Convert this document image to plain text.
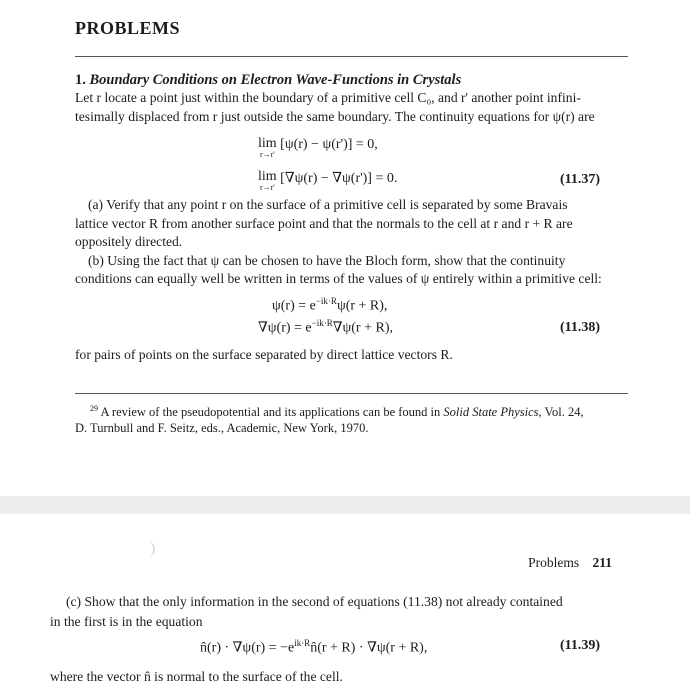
PROBLEMS
1. Boundary Conditions on Electron Wave-Functions in Crystals
Let r locate a point just within the boundary of a primitive cell C₀, and r' another point infini-
tesimally displaced from r just outside the same boundary. The continuity equations for ψ(r) are
lim
r→r'
[ψ(r) − ψ(r')] = 0,
lim
r→r'
[∇ψ(r) − ∇ψ(r')] = 0.	(11.37)
(a) Verify that any point r on the surface of a primitive cell is separated by some Bravais
lattice vector R from another surface point and that the normals to the cell at r and r + R are
oppositely directed.
(b) Using the fact that ψ can be chosen to have the Bloch form, show that the continuity
conditions can equally well be written in terms of the values of ψ entirely within a primitive cell:
$\psi(r) = e^{-ik\cdot R}\psi(r + R)$,
$\nabla\psi(r) = e^{-ik\cdot R}\nabla\psi(r + R)$,	(11.38)
for pairs of points on the surface separated by direct lattice vectors R.
$^{29}$ A review of the pseudopotential and its applications can be found in Solid State Physics, Vol. 24,
D. Turnbull and F. Seitz, eds., Academic, New York, 1970.
)
Problems 211
(c) Show that the only information in the second of equations (11.38) not already contained
in the first is in the equation
n̂(r) · $\nabla\psi(r) = -e^{ik\cdot R}n̂(r + R) \cdot \nabla\psi(r + R)$,	(11.39)
where the vector n̂ is normal to the surface of the cell.
